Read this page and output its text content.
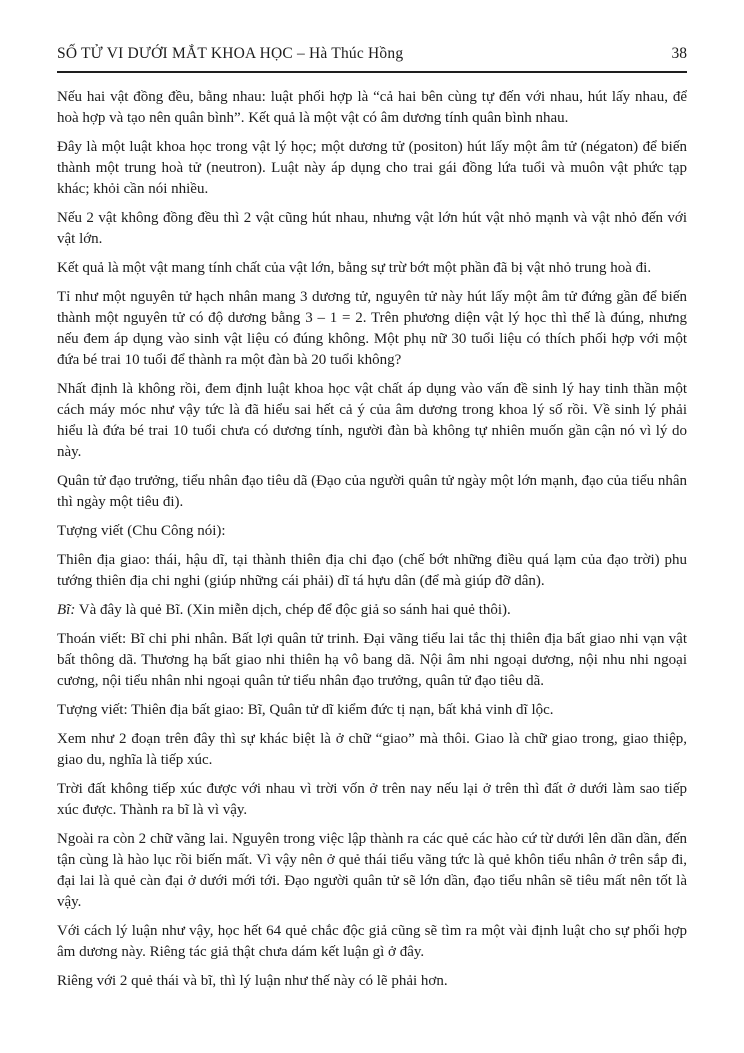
SỐ TỬ VI DƯỚI MẮT KHOA HỌC – Hà Thúc Hồng	38

Nếu hai vật đồng đều, bằng nhau: luật phối hợp là “cả hai bên cùng tự đến với nhau, hút lấy nhau, để hoà hợp và tạo nên quân bình”. Kết quả là một vật có âm dương tính quân bình nhau.

Đây là một luật khoa học trong vật lý học; một dương tử (positon) hút lấy một âm tử (négaton) để biến thành một trung hoà tử (neutron). Luật này áp dụng cho trai gái đồng lứa tuổi và muôn vật phức tạp khác; khỏi cần nói nhiều.

Nếu 2 vật không đồng đều thì 2 vật cũng hút nhau, nhưng vật lớn hút vật nhỏ mạnh và vật nhỏ đến với vật lớn.

Kết quả là một vật mang tính chất của vật lớn, bằng sự trừ bớt một phần đã bị vật nhỏ trung hoà đi.

Tỉ như một nguyên tử hạch nhân mang 3 dương tử, nguyên tử này hút lấy một âm tử đứng gần để biến thành một nguyên tử có độ dương bằng 3 – 1 = 2. Trên phương diện vật lý học thì thế là đúng, nhưng nếu đem áp dụng vào sinh vật liệu có đúng không. Một phụ nữ 30 tuổi liệu có thích phối hợp với một đứa bé trai 10 tuổi để thành ra một đàn bà 20 tuổi không?

Nhất định là không rồi, đem định luật khoa học vật chất áp dụng vào vấn đề sinh lý hay tinh thần một cách máy móc như vậy tức là đã hiểu sai hết cả ý của âm dương trong khoa lý số rồi. Về sinh lý phải hiểu là đứa bé trai 10 tuổi chưa có dương tính, người đàn bà không tự nhiên muốn gần cận nó vì lý do này.

Quân tử đạo trưởng, tiểu nhân đạo tiêu dã (Đạo của người quân tử ngày một lớn mạnh, đạo của tiểu nhân thì ngày một tiêu đi).

Tượng viết (Chu Công nói):

Thiên địa giao: thái, hậu dĩ, tại thành thiên địa chi đạo (chế bớt những điều quá lạm của đạo trời) phu tướng thiên địa chi nghi (giúp những cái phải) dĩ tá hựu dân (để mà giúp đỡ dân).

Bĩ: Và đây là quẻ Bĩ. (Xin miễn dịch, chép để độc giả so sánh hai quẻ thôi).

Thoán viết: Bĩ chi phi nhân. Bất lợi quân tử trinh. Đại vãng tiểu lai tắc thị thiên địa bất giao nhi vạn vật bất thông dã. Thương hạ bất giao nhi thiên hạ vô bang dã. Nội âm nhi ngoại dương, nội nhu nhi ngoại cương, nội tiểu nhân nhi ngoại quân tử tiểu nhân đạo trưởng, quân tử đạo tiêu dã.

Tượng viết: Thiên địa bất giao: Bĩ, Quân tử dĩ kiểm đức tị nạn, bất khả vinh dĩ lộc.

Xem như 2 đoạn trên đây thì sự khác biệt là ở chữ “giao” mà thôi. Giao là chữ giao trong, giao thiệp, giao du, nghĩa là tiếp xúc.

Trời đất không tiếp xúc được với nhau vì trời vốn ở trên nay nếu lại ở trên thì đất ở dưới làm sao tiếp xúc được. Thành ra bĩ là vì vậy.

Ngoài ra còn 2 chữ vãng lai. Nguyên trong việc lập thành ra các quẻ các hào cứ từ dưới lên dần dần, đến tận cùng là hào lục rồi biến mất. Vì vậy nên ở quẻ thái tiểu vãng tức là quẻ khôn tiểu nhân ở trên sắp đi, đại lai là quẻ càn đại ở dưới mới tới. Đạo người quân tử sẽ lớn dần, đạo tiểu nhân sẽ tiêu mất nên tốt là vậy.

Với cách lý luận như vậy, học hết 64 quẻ chắc độc giả cũng sẽ tìm ra một vài định luật cho sự phối hợp âm dương này. Riêng tác giả thật chưa dám kết luận gì ở đây.

Riêng với 2 quẻ thái và bĩ, thì lý luận như thế này có lẽ phải hơn.
